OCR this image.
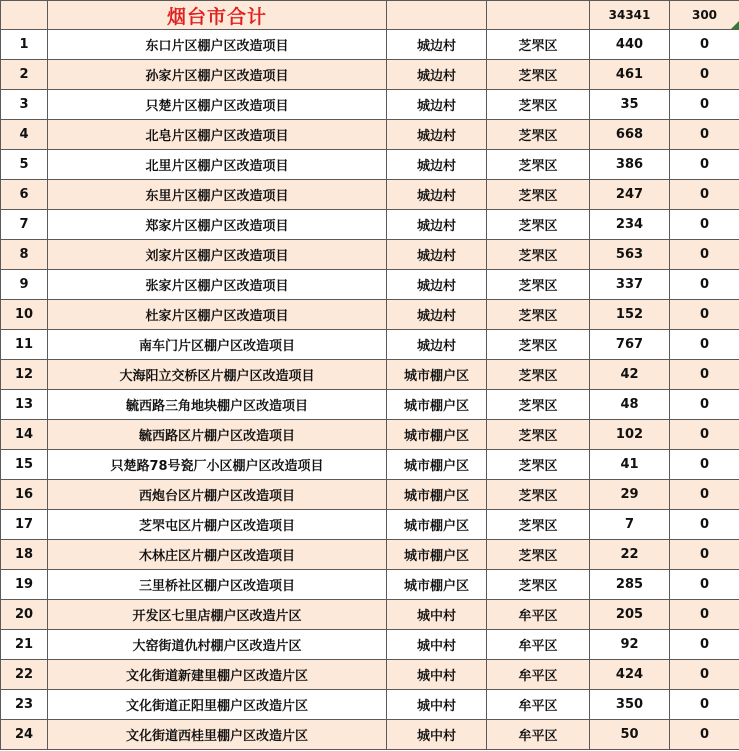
	烟台市合计			34341	300

1	东口片区棚户区改造项目	城边村	芝罘区	440	0
2	孙家片区棚户区改造项目	城边村	芝罘区	461	0
3	只楚片区棚户区改造项目	城边村	芝罘区	35	0
4	北皂片区棚户区改造项目	城边村	芝罘区	668	0
5	北里片区棚户区改造项目	城边村	芝罘区	386	0
6	东里片区棚户区改造项目	城边村	芝罘区	247	0
7	郑家片区棚户区改造项目	城边村	芝罘区	234	0
8	刘家片区棚户区改造项目	城边村	芝罘区	563	0
9	张家片区棚户区改造项目	城边村	芝罘区	337	0
10	杜家片区棚户区改造项目	城边村	芝罘区	152	0
11	南车门片区棚户区改造项目	城边村	芝罘区	767	0
12	大海阳立交桥区片棚户区改造项目	城市棚户区	芝罘区	42	0
13	毓西路三角地块棚户区改造项目	城市棚户区	芝罘区	48	0
14	毓西路区片棚户区改造项目	城市棚户区	芝罘区	102	0
15	只楚路78号瓷厂小区棚户区改造项目	城市棚户区	芝罘区	41	0
16	西炮台区片棚户区改造项目	城市棚户区	芝罘区	29	0
17	芝罘屯区片棚户区改造项目	城市棚户区	芝罘区	7	0
18	木林庄区片棚户区改造项目	城市棚户区	芝罘区	22	0
19	三里桥社区棚户区改造项目	城市棚户区	芝罘区	285	0
20	开发区七里店棚户区改造片区	城中村	牟平区	205	0
21	大窑街道仇村棚户区改造片区	城中村	牟平区	92	0
22	文化街道新建里棚户区改造片区	城中村	牟平区	424	0
23	文化街道正阳里棚户区改造片区	城中村	牟平区	350	0
24	文化街道西桂里棚户区改造片区	城中村	牟平区	50	0
